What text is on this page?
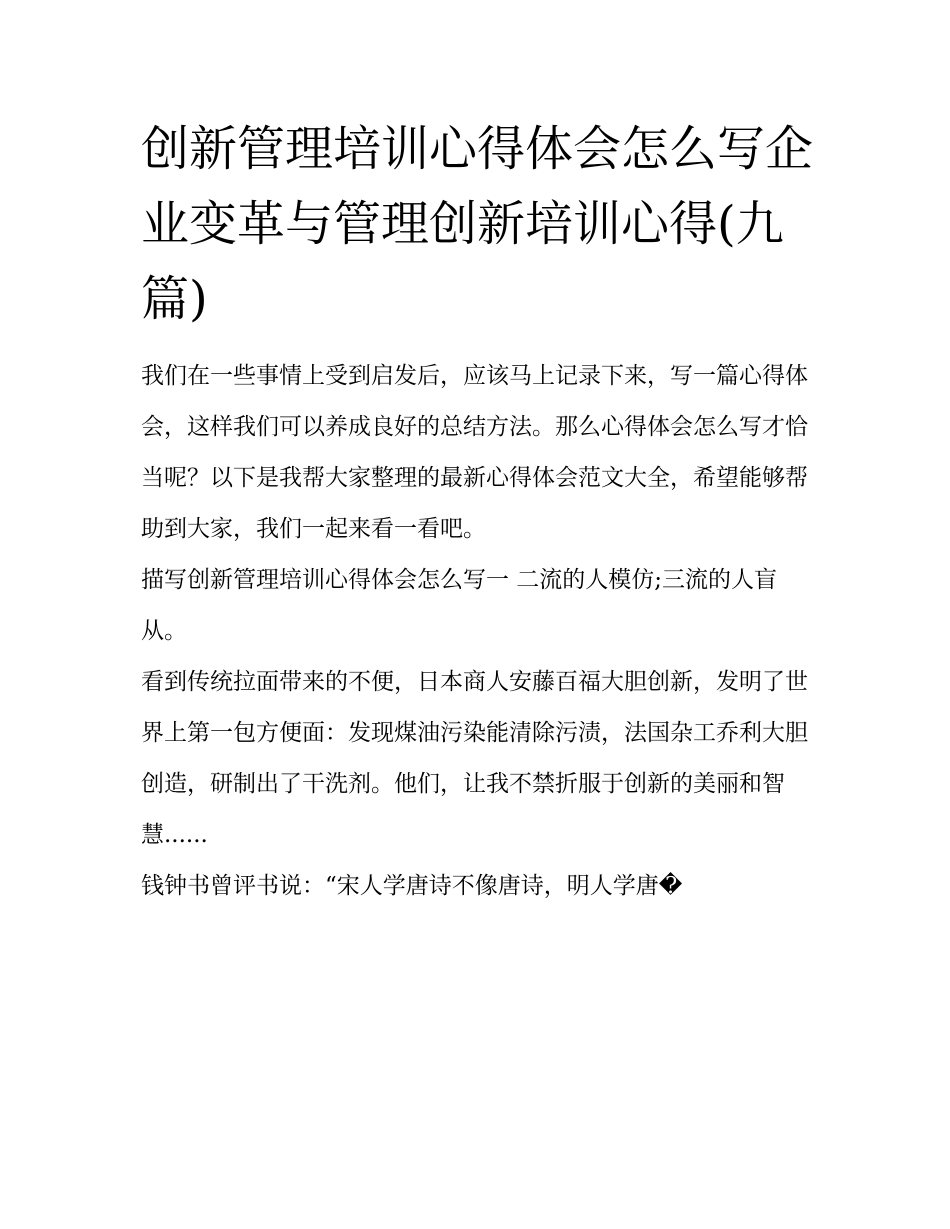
创新管理培训心得体会怎么写企业变革与管理创新培训心得(九篇)

我们在一些事情上受到启发后，应该马上记录下来，写一篇心得体会，这样我们可以养成良好的总结方法。那么心得体会怎么写才恰当呢？以下是我帮大家整理的最新心得体会范文大全，希望能够帮助到大家，我们一起来看一看吧。

描写创新管理培训心得体会怎么写一 二流的人模仿;三流的人盲从。

看到传统拉面带来的不便，日本商人安藤百福大胆创新，发明了世界上第一包方便面：发现煤油污染能清除污渍，法国杂工乔利大胆创造，研制出了干洗剂。他们，让我不禁折服于创新的美丽和智慧......

钱钟书曾评书说：“宋人学唐诗不像唐诗，明人学唐�
